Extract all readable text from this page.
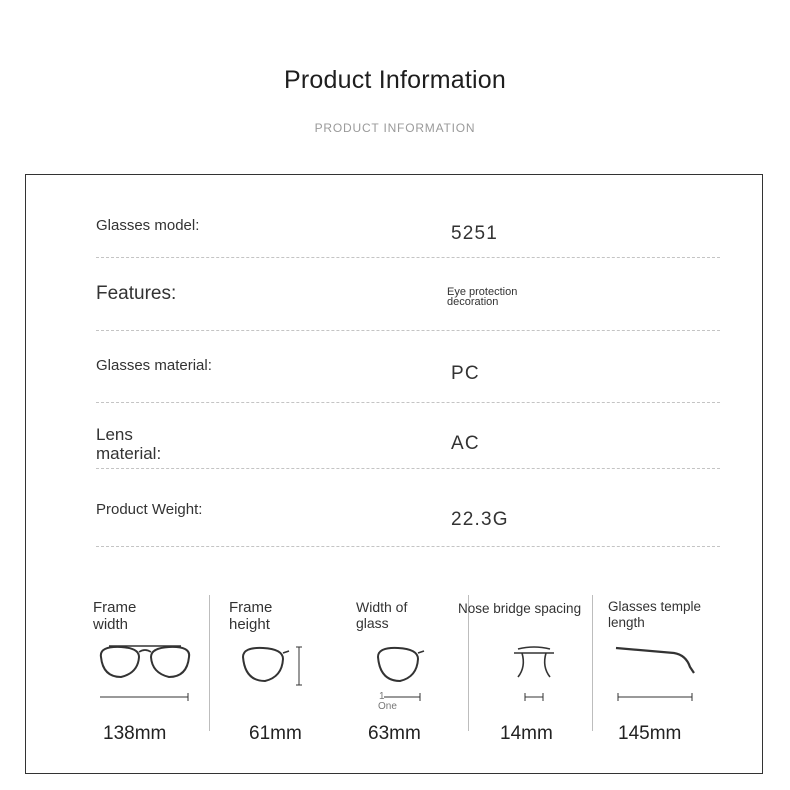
Product Information
PRODUCT INFORMATION
Glasses model:	5251
Features:	Eye protection decoration
Glasses material:	PC
Lens material:	AC
Product Weight:	22.3G
Frame width
138mm
Frame height
61mm
Width of glass
1
One
63mm
Nose bridge spacing
14mm
Glasses temple length
145mm
